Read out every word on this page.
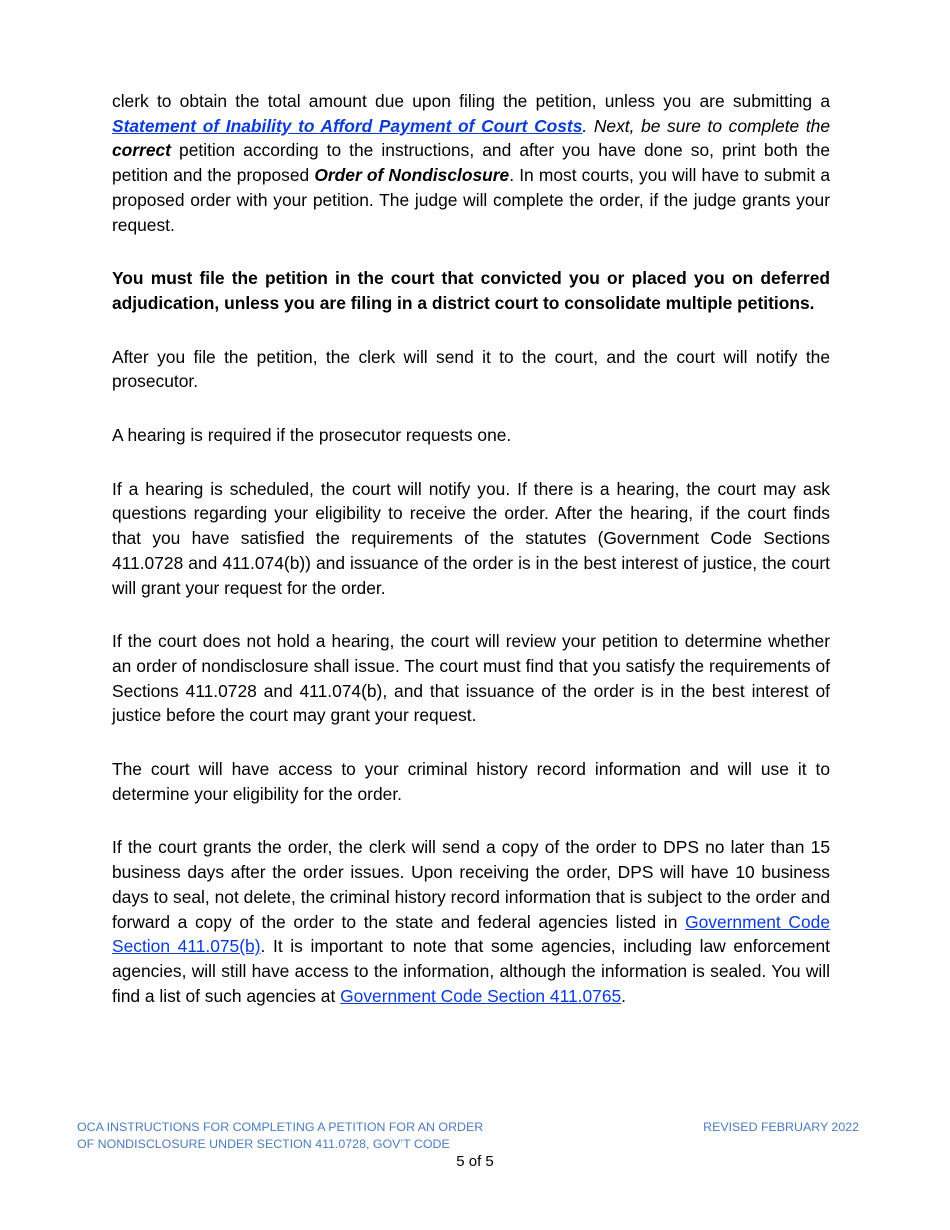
clerk to obtain the total amount due upon filing the petition, unless you are submitting a Statement of Inability to Afford Payment of Court Costs. Next, be sure to complete the correct petition according to the instructions, and after you have done so, print both the petition and the proposed Order of Nondisclosure. In most courts, you will have to submit a proposed order with your petition. The judge will complete the order, if the judge grants your request.

You must file the petition in the court that convicted you or placed you on deferred adjudication, unless you are filing in a district court to consolidate multiple petitions.

After you file the petition, the clerk will send it to the court, and the court will notify the prosecutor.

A hearing is required if the prosecutor requests one.

If a hearing is scheduled, the court will notify you. If there is a hearing, the court may ask questions regarding your eligibility to receive the order. After the hearing, if the court finds that you have satisfied the requirements of the statutes (Government Code Sections 411.0728 and 411.074(b)) and issuance of the order is in the best interest of justice, the court will grant your request for the order.

If the court does not hold a hearing, the court will review your petition to determine whether an order of nondisclosure shall issue. The court must find that you satisfy the requirements of Sections 411.0728 and 411.074(b), and that issuance of the order is in the best interest of justice before the court may grant your request.

The court will have access to your criminal history record information and will use it to determine your eligibility for the order.

If the court grants the order, the clerk will send a copy of the order to DPS no later than 15 business days after the order issues. Upon receiving the order, DPS will have 10 business days to seal, not delete, the criminal history record information that is subject to the order and forward a copy of the order to the state and federal agencies listed in Government Code Section 411.075(b). It is important to note that some agencies, including law enforcement agencies, will still have access to the information, although the information is sealed. You will find a list of such agencies at Government Code Section 411.0765.

OCA INSTRUCTIONS FOR COMPLETING A PETITION FOR AN ORDER
OF NONDISCLOSURE UNDER SECTION 411.0728, GOV’T CODE
REVISED FEBRUARY 2022
5 of 5
